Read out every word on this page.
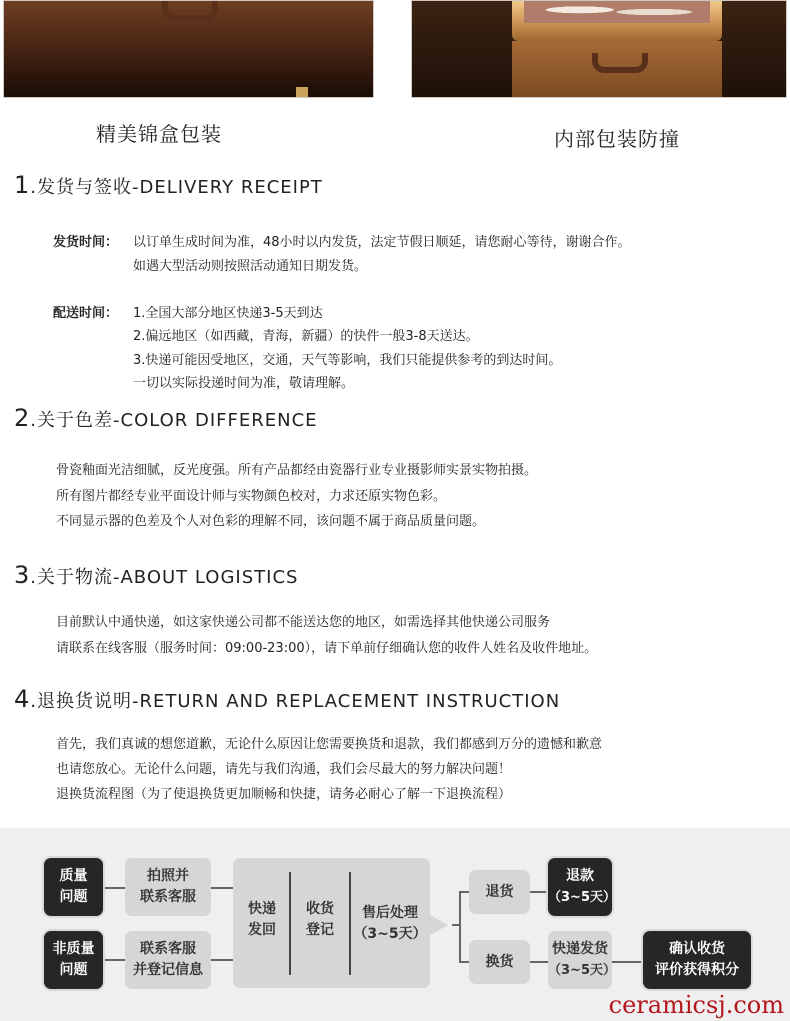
精美锦盒包装	内部包装防撞
1.发货与签收-DELIVERY RECEIPT
发货时间： 以订单生成时间为准，48小时以内发货，法定节假日顺延，请您耐心等待，谢谢合作。
如遇大型活动则按照活动通知日期发货。
配送时间： 1.全国大部分地区快递3-5天到达
2.偏远地区（如西藏，青海，新疆）的快件一般3-8天送达。
3.快递可能因受地区，交通，天气等影响，我们只能提供参考的到达时间。
一切以实际投递时间为准，敬请理解。
2.关于色差-COLOR DIFFERENCE
骨瓷釉面光洁细腻，反光度强。所有产品都经由瓷器行业专业摄影师实景实物拍摄。
所有图片都经专业平面设计师与实物颜色校对，力求还原实物色彩。
不同显示器的色差及个人对色彩的理解不同，该问题不属于商品质量问题。
3.关于物流-ABOUT LOGISTICS
目前默认中通快递，如这家快递公司都不能送达您的地区，如需选择其他快递公司服务
请联系在线客服（服务时间：09:00-23:00），请下单前仔细确认您的收件人姓名及收件地址。
4.退换货说明-RETURN AND REPLACEMENT INSTRUCTION
首先，我们真诚的想您道歉，无论什么原因让您需要换货和退款，我们都感到万分的遗憾和歉意
也请您放心。无论什么问题，请先与我们沟通，我们会尽最大的努力解决问题！
退换货流程图（为了使退换货更加顺畅和快捷，请务必耐心了解一下退换流程）
质量
问题
非质量
问题
拍照并
联系客服
联系客服
并登记信息
快递
发回
收货
登记
售后处理
（3~5天）
退货
换货
退款
（3~5天）
快递发货
（3~5天）
确认收货
评价获得积分
ceramicsj.com
